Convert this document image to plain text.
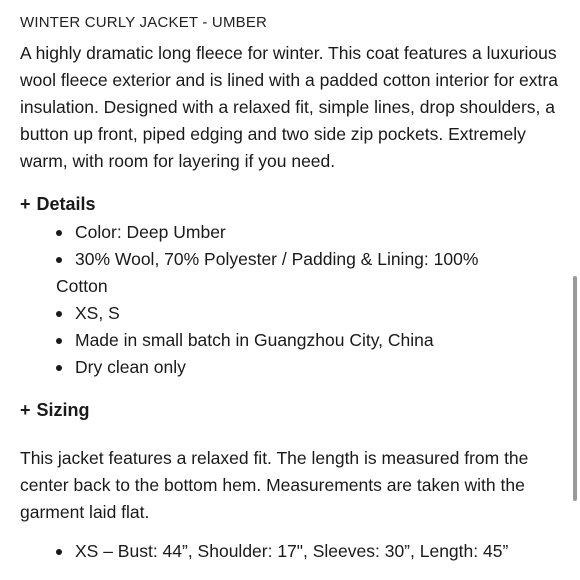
WINTER CURLY JACKET - UMBER

A highly dramatic long fleece for winter. This coat features a luxurious wool fleece exterior and is lined with a padded cotton interior for extra insulation. Designed with a relaxed fit, simple lines, drop shoulders, a button up front, piped edging and two side zip pockets. Extremely warm, with room for layering if you need.

+ Details
Color: Deep Umber
30% Wool, 70% Polyester / Padding & Lining: 100%
Cotton
XS, S
Made in small batch in Guangzhou City, China
Dry clean only
+ Sizing

This jacket features a relaxed fit. The length is measured from the center back to the bottom hem. Measurements are taken with the garment laid flat.

XS – Bust: 44”, Shoulder: 17", Sleeves: 30”, Length: 45”
